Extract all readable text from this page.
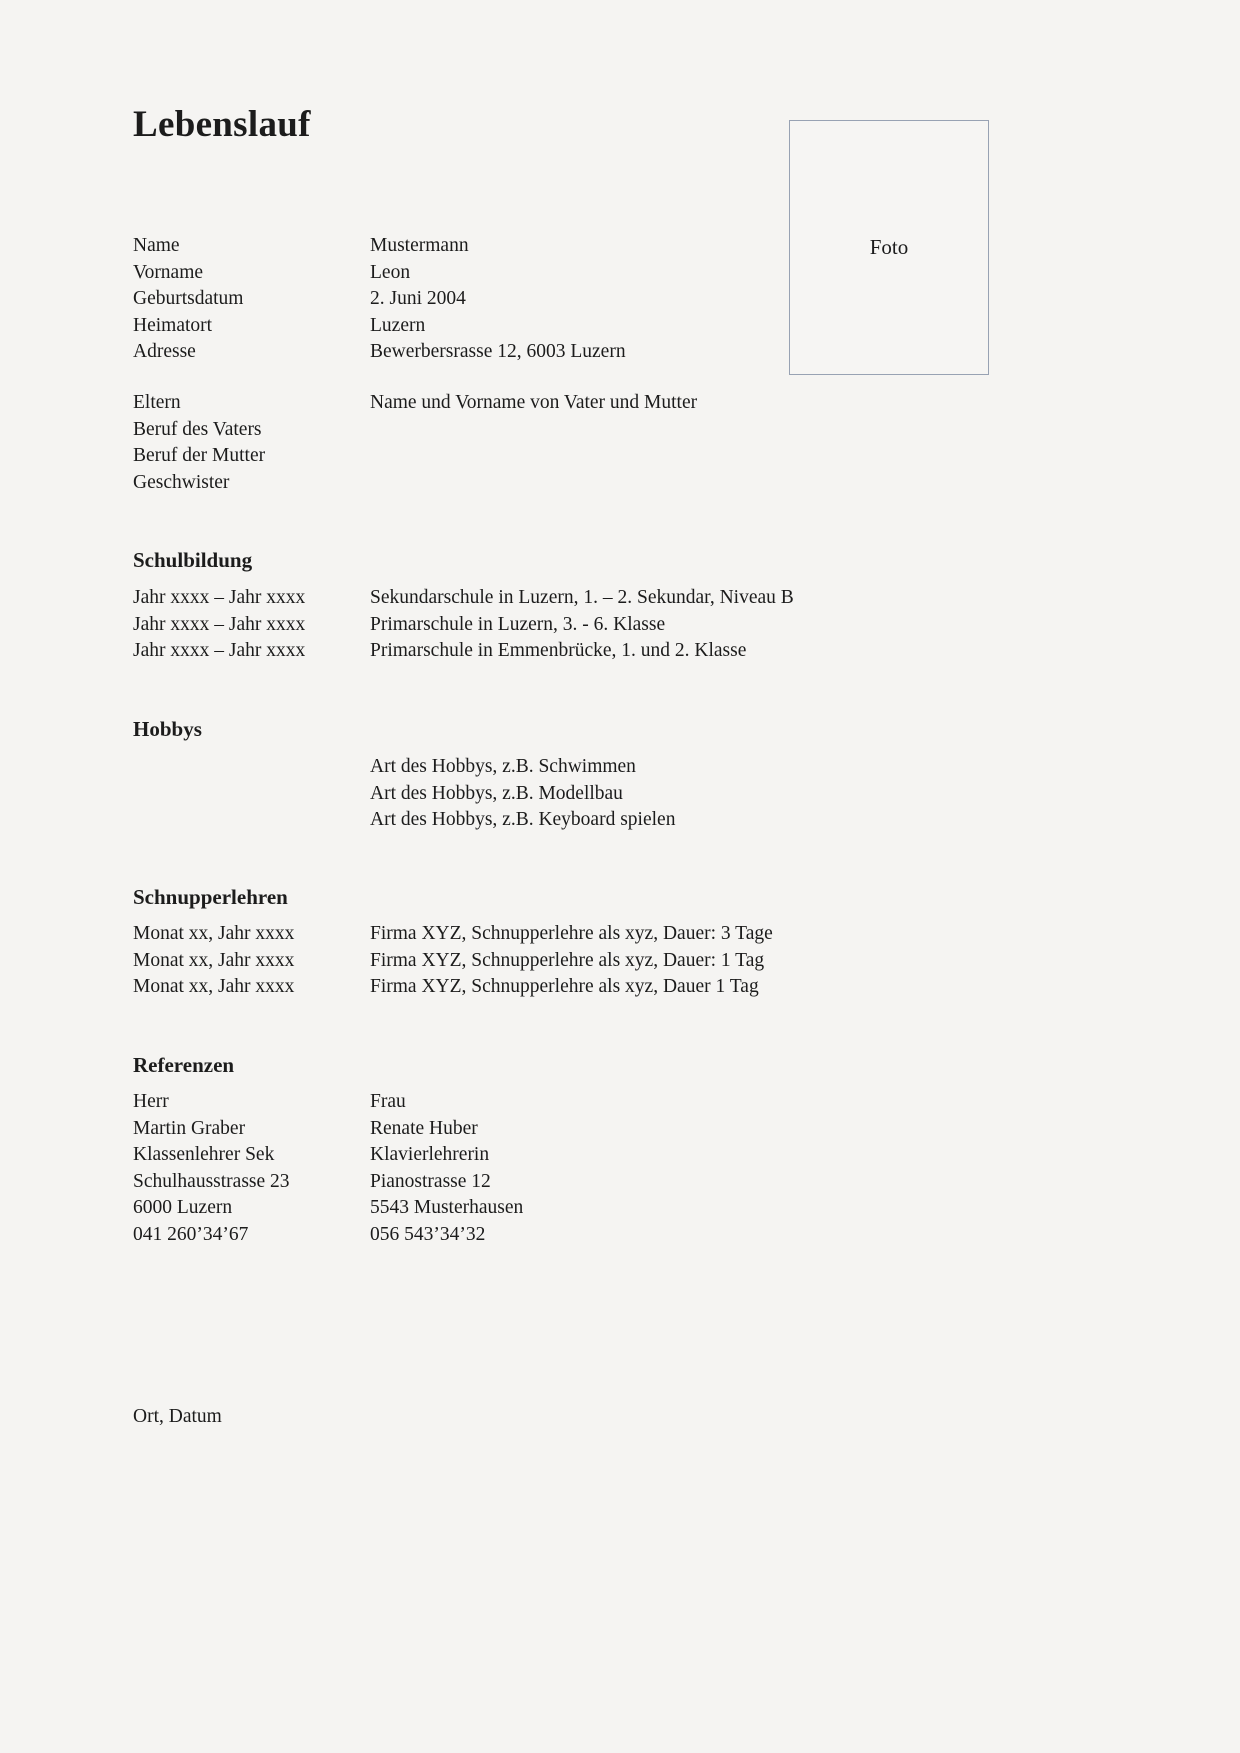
Lebenslauf
Foto
Name	Mustermann
Vorname	Leon
Geburtsdatum	2. Juni 2004
Heimatort	Luzern
Adresse	Bewerbersrasse 12, 6003 Luzern
Eltern	Name und Vorname von Vater und Mutter
Beruf des Vaters
Beruf der Mutter
Geschwister
Schulbildung
Jahr xxxx – Jahr xxxx	Sekundarschule in Luzern, 1. – 2. Sekundar, Niveau B
Jahr xxxx – Jahr xxxx	Primarschule in Luzern, 3. - 6. Klasse
Jahr xxxx – Jahr xxxx	Primarschule in Emmenbrücke, 1. und 2. Klasse
Hobbys
Art des Hobbys, z.B. Schwimmen
Art des Hobbys, z.B. Modellbau
Art des Hobbys, z.B. Keyboard spielen
Schnupperlehren
Monat xx, Jahr xxxx	Firma XYZ, Schnupperlehre als xyz, Dauer: 3 Tage
Monat xx, Jahr xxxx	Firma XYZ, Schnupperlehre als xyz, Dauer: 1 Tag
Monat xx, Jahr xxxx	Firma XYZ, Schnupperlehre als xyz, Dauer 1 Tag
Referenzen
Herr	Frau
Martin Graber	Renate Huber
Klassenlehrer Sek	Klavierlehrerin
Schulhausstrasse 23	Pianostrasse 12
6000 Luzern	5543 Musterhausen
041 260’34’67	056 543’34’32
Ort, Datum
